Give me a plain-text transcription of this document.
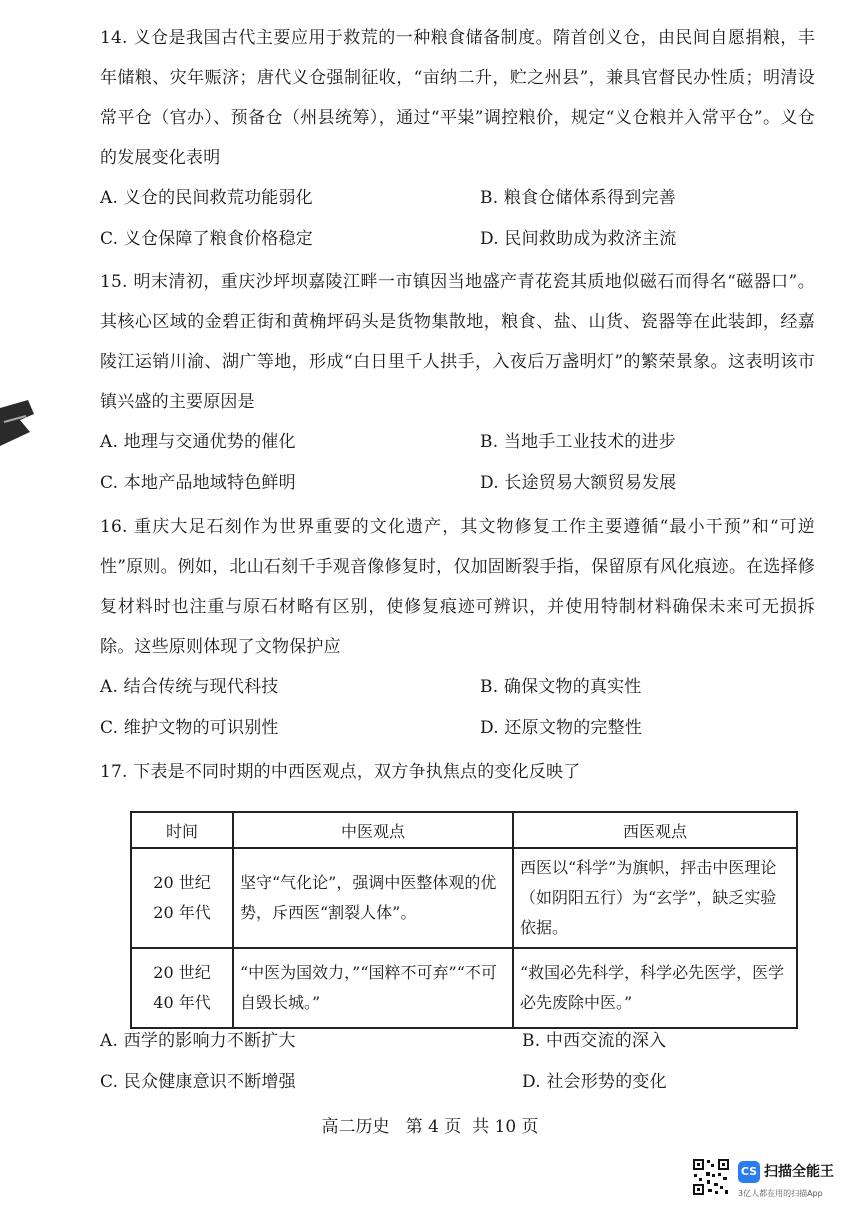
14. 义仓是我国古代主要应用于救荒的一种粮食储备制度。隋首创义仓，由民间自愿捐粮，丰年储粮、灾年赈济；唐代义仓强制征收，“亩纳二升，贮之州县”，兼具官督民办性质；明清设常平仓（官办）、预备仓（州县统筹），通过“平粜”调控粮价，规定“义仓粮并入常平仓”。义仓的发展变化表明

A. 义仓的民间救荒功能弱化	B. 粮食仓储体系得到完善
C. 义仓保障了粮食价格稳定	D. 民间救助成为救济主流

15. 明末清初，重庆沙坪坝嘉陵江畔一市镇因当地盛产青花瓷其质地似磁石而得名“磁器口”。其核心区域的金碧正街和黄桷坪码头是货物集散地，粮食、盐、山货、瓷器等在此装卸，经嘉陵江运销川渝、湖广等地，形成“白日里千人拱手，入夜后万盏明灯”的繁荣景象。这表明该市镇兴盛的主要原因是

A. 地理与交通优势的催化	B. 当地手工业技术的进步
C. 本地产品地域特色鲜明	D. 长途贸易大额贸易发展

16. 重庆大足石刻作为世界重要的文化遗产，其文物修复工作主要遵循“最小干预”和“可逆性”原则。例如，北山石刻千手观音像修复时，仅加固断裂手指，保留原有风化痕迹。在选择修复材料时也注重与原石材略有区别，使修复痕迹可辨识，并使用特制材料确保未来可无损拆除。这些原则体现了文物保护应

A. 结合传统与现代科技	B. 确保文物的真实性
C. 维护文物的可识别性	D. 还原文物的完整性

17. 下表是不同时期的中西医观点，双方争执焦点的变化反映了

时间	中医观点	西医观点
20 世纪
20 年代	坚守“气化论”，强调中医整体观的优势，斥西医“割裂人体”。	西医以“科学”为旗帜，抨击中医理论（如阴阳五行）为“玄学”，缺乏实验依据。
20 世纪
40 年代	“中医为国效力，”“国粹不可弃”“不可自毁长城。”	“救国必先科学，科学必先医学，医学必先废除中医。”
A. 西学的影响力不断扩大	B. 中西交流的深入
C. 民众健康意识不断增强	D. 社会形势的变化
高二历史   第 4 页  共 10 页
CS 扫描全能王
3亿人都在用的扫描App
